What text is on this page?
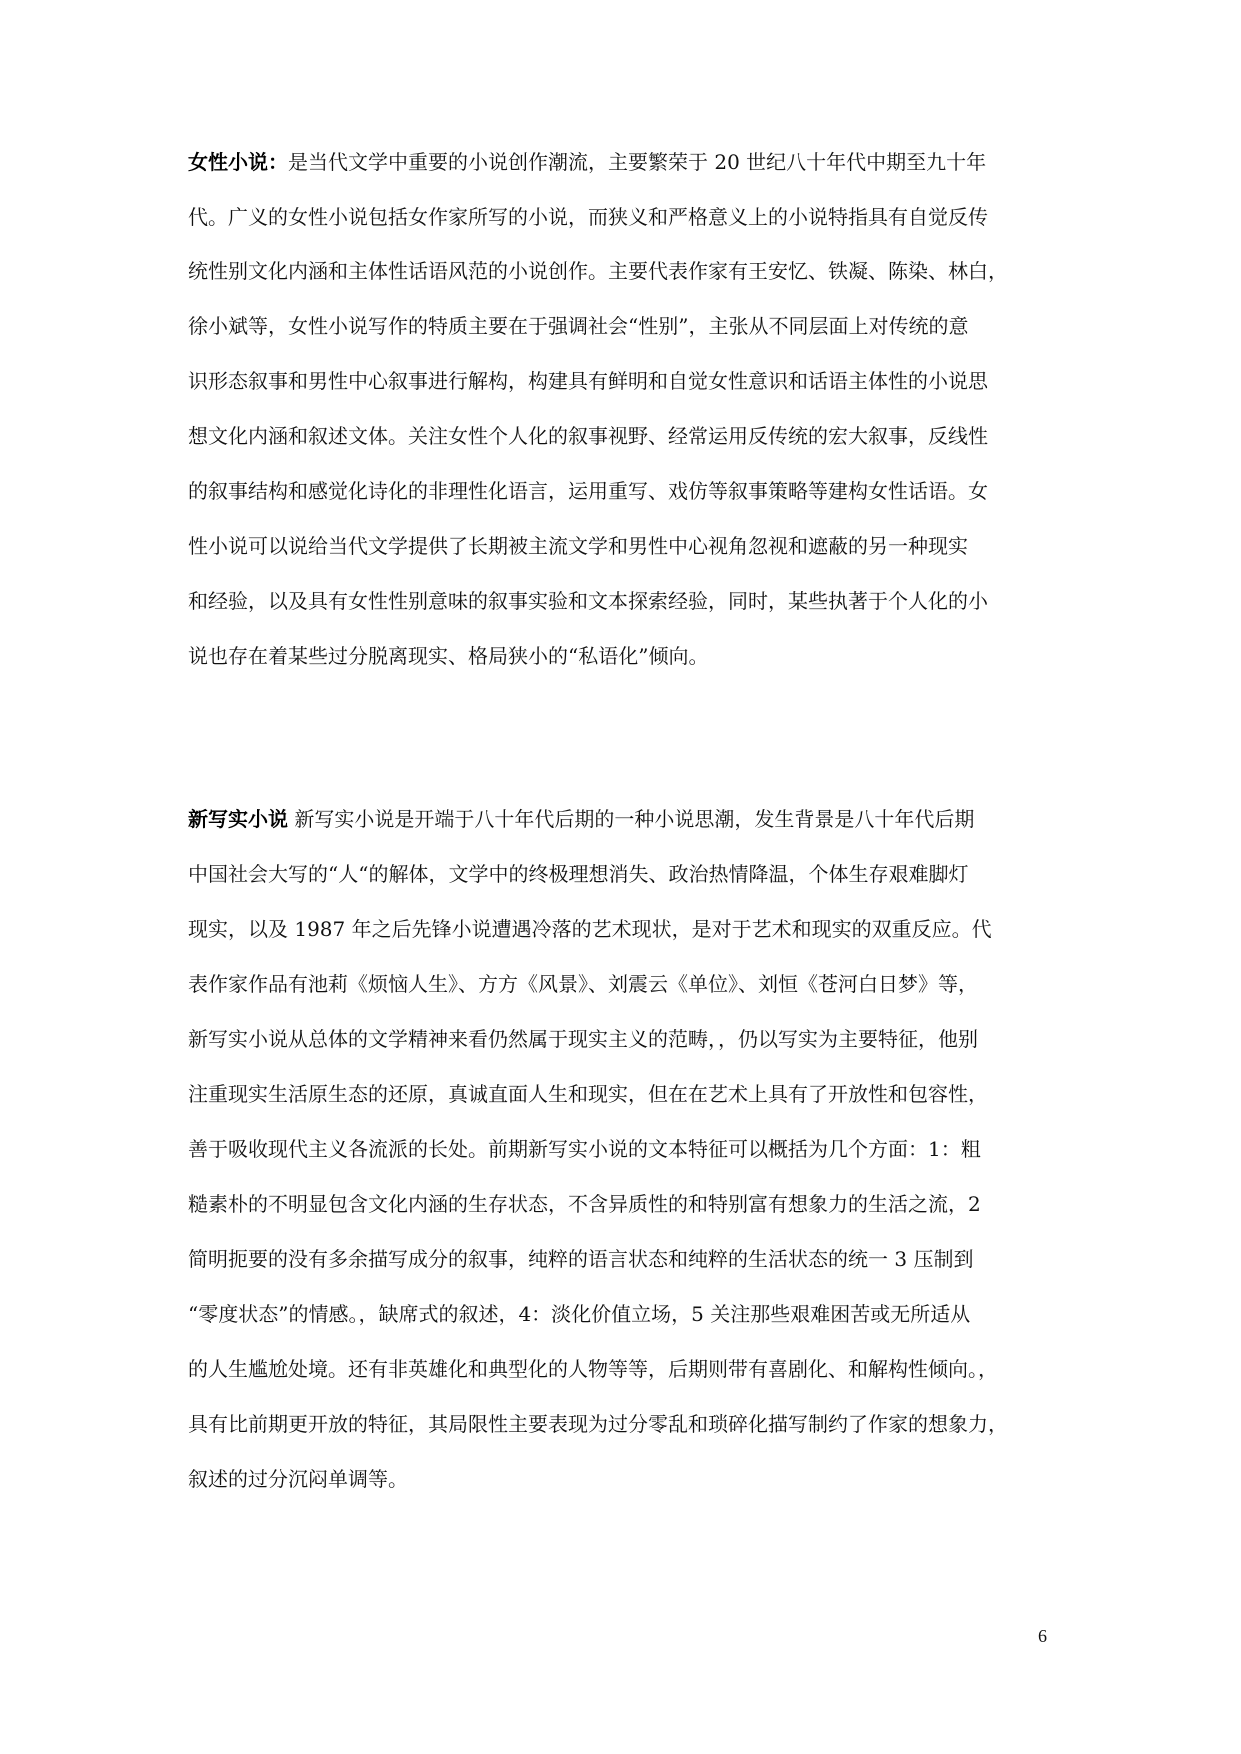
女性小说：是当代文学中重要的小说创作潮流，主要繁荣于 20 世纪八十年代中期至九十年
代。广义的女性小说包括女作家所写的小说，而狭义和严格意义上的小说特指具有自觉反传
统性别文化内涵和主体性话语风范的小说创作。主要代表作家有王安忆、铁凝、陈染、林白，
徐小斌等，女性小说写作的特质主要在于强调社会“性别”，主张从不同层面上对传统的意
识形态叙事和男性中心叙事进行解构，构建具有鲜明和自觉女性意识和话语主体性的小说思
想文化内涵和叙述文体。关注女性个人化的叙事视野、经常运用反传统的宏大叙事，反线性
的叙事结构和感觉化诗化的非理性化语言，运用重写、戏仿等叙事策略等建构女性话语。女
性小说可以说给当代文学提供了长期被主流文学和男性中心视角忽视和遮蔽的另一种现实
和经验，以及具有女性性别意味的叙事实验和文本探索经验，同时，某些执著于个人化的小
说也存在着某些过分脱离现实、格局狭小的“私语化”倾向。
新写实小说 新写实小说是开端于八十年代后期的一种小说思潮，发生背景是八十年代后期
中国社会大写的“人“的解体，文学中的终极理想消失、政治热情降温，个体生存艰难脚灯
现实，以及 1987 年之后先锋小说遭遇冷落的艺术现状，是对于艺术和现实的双重反应。代
表作家作品有池莉《烦恼人生》、方方《风景》、刘震云《单位》、刘恒《苍河白日梦》等，
新写实小说从总体的文学精神来看仍然属于现实主义的范畴，，仍以写实为主要特征，他别
注重现实生活原生态的还原，真诚直面人生和现实，但在在艺术上具有了开放性和包容性，
善于吸收现代主义各流派的长处。前期新写实小说的文本特征可以概括为几个方面：1：粗
糙素朴的不明显包含文化内涵的生存状态，不含异质性的和特别富有想象力的生活之流，2
简明扼要的没有多余描写成分的叙事，纯粹的语言状态和纯粹的生活状态的统一 3 压制到
“零度状态”的情感。，缺席式的叙述，4：淡化价值立场，5 关注那些艰难困苦或无所适从
的人生尴尬处境。还有非英雄化和典型化的人物等等，后期则带有喜剧化、和解构性倾向。，
具有比前期更开放的特征，其局限性主要表现为过分零乱和琐碎化描写制约了作家的想象力，
叙述的过分沉闷单调等。
6
